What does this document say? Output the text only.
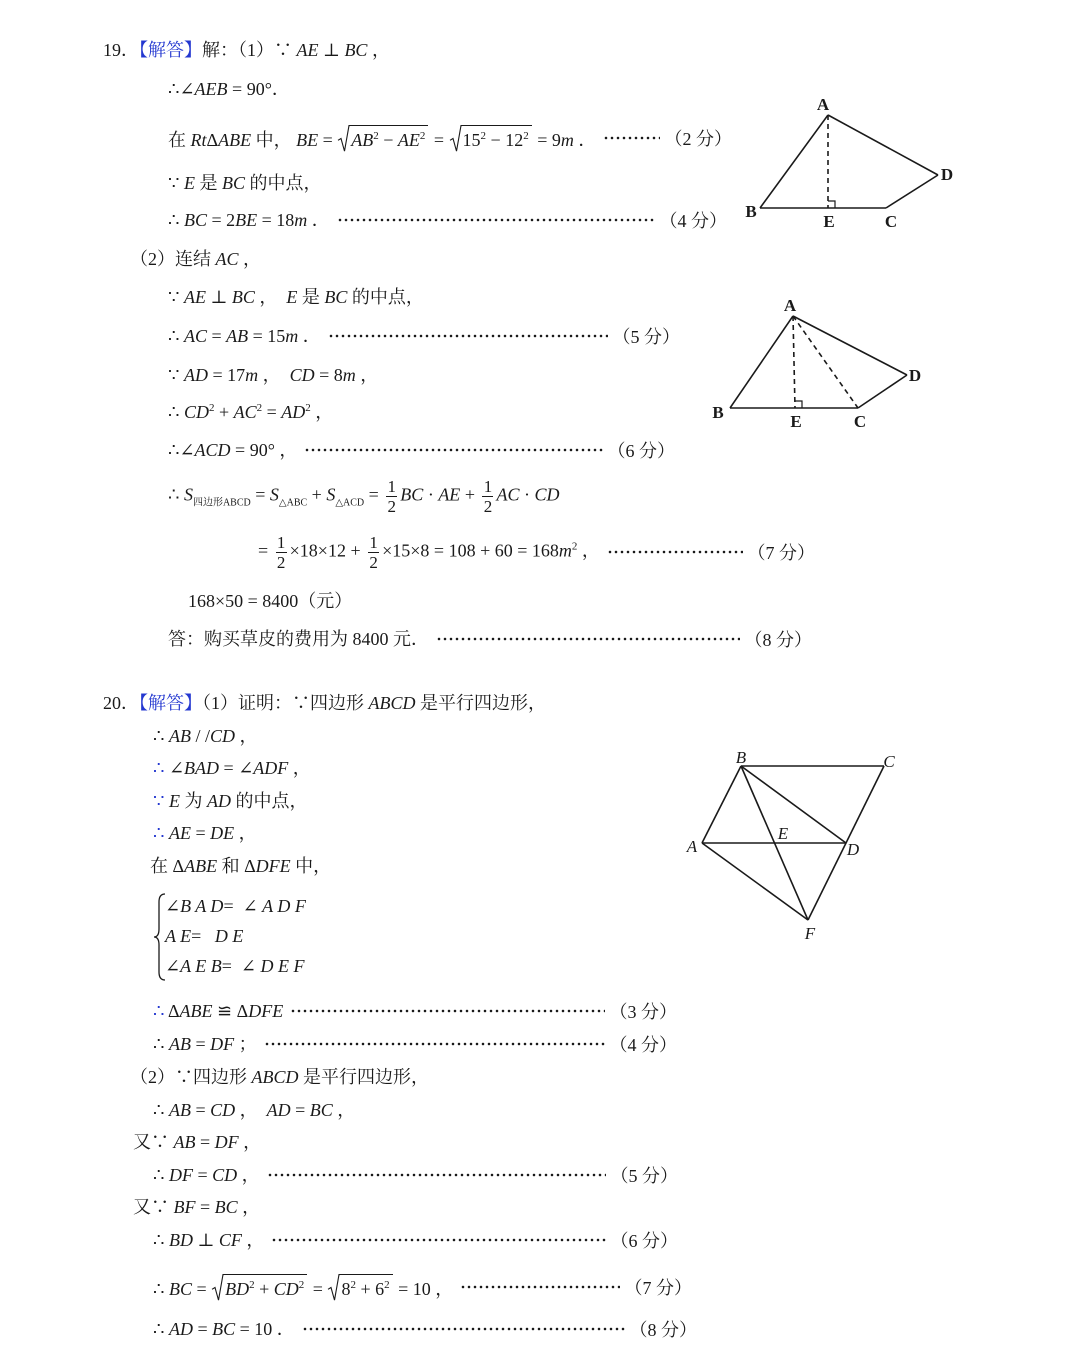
19．【解答】解：（1）∵ AE ⊥ BC ，
∴∠AEB = 90°．
在 RtΔABE 中， BE =
$AB^2 - AE^2$ =
$15^2 - 12^2 = 9m$ ．	（2 分）
∵ E 是 BC 的中点，
∴ BC = 2BE = 18m ．	（4 分）
（2）连结 AC ，
∵ AE ⊥ BC ，  E 是 BC 的中点，
∴ AC = AB = 15m ．	（5 分）
∵ AD = 17m ，  CD = 8m ，
∴ $CD^2 + AC^2 = AD^2$ ，
∴∠ACD = 90° ，	（6 分）
∴ $S_{四边形ABCD} = S_{\triangle ABC} + S_{\triangle ACD} = \frac{1}{2}$ BC · AE + $\frac{1}{2}$ AC · CD
= $\frac{1}{2} \times 18\times 12 + \frac{1}{2} \times 15\times 8 = 108 + 60 = 168m^2$ ，	（7 分）
168×50 = 8400（元）
答：购买草皮的费用为 8400 元．	（8 分）
A
B
E	C
D
A
B	E	C
D
20．【解答】（1）证明：∵四边形 ABCD 是平行四边形，
∴ AB / /CD ，
∴ ∠BAD = ∠ADF ，
∵ E 为 AD 的中点，
∴ AE = DE ，
在 ΔABE 和 ΔDFE 中，
∠B A D=  ∠ A D F
A E=   D E
∠A E B=  ∠ D E F
∴ ΔABE ≌ ΔDFE	（3 分）
∴ AB = DF ；	（4 分）
（2）∵四边形 ABCD 是平行四边形，
∴ AB = CD ，  AD = BC ，
又∵ AB = DF ，
∴ DF = CD ，	（5 分）
又∵ BF = BC ，
∴ BD ⊥ CF ，	（6 分）
∴ BC =
$BD^2 + CD^2$ =
$8^2 + 6^2 = 10$ ，	（7 分）
∴ AD = BC = 10 ．	（8 分）
B	C
A	D
E
F
